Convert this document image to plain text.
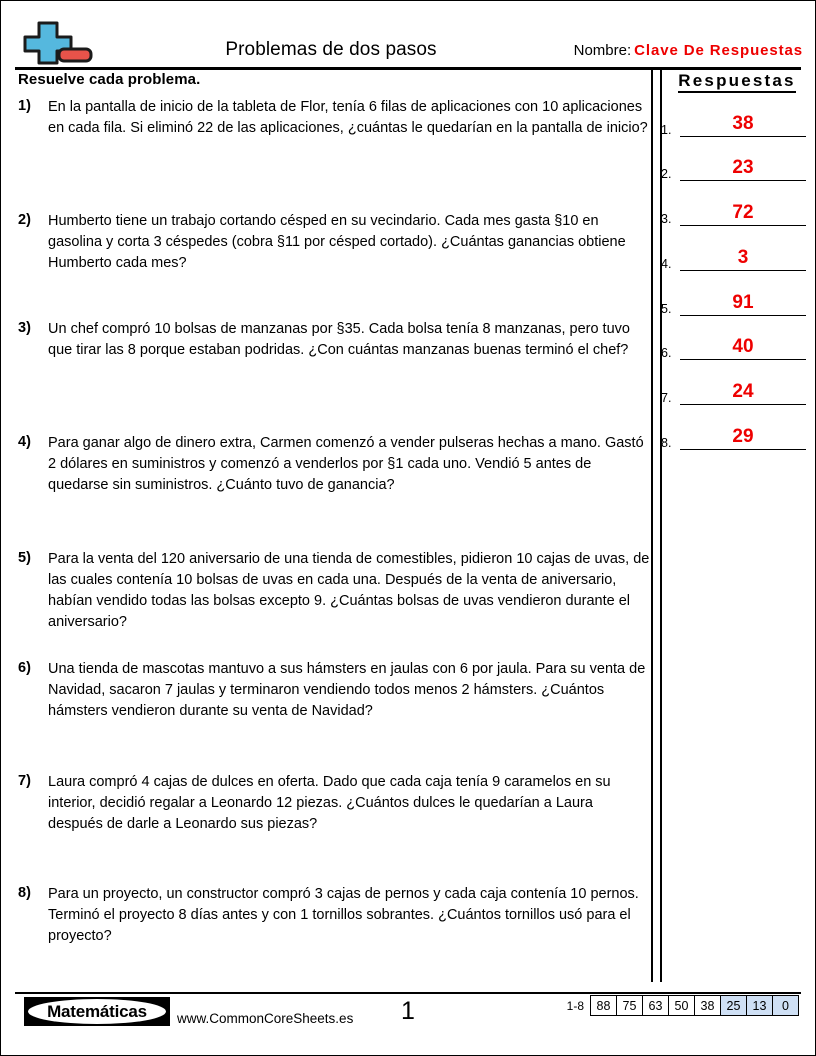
Problemas de dos pasos	Nombre: Clave De Respuestas
Resuelve cada problema.
1)	En la pantalla de inicio de la tableta de Flor, tenía 6 filas de aplicaciones con 10 aplicaciones en cada fila. Si eliminó 22 de las aplicaciones, ¿cuántas le quedarían en la pantalla de inicio?
2)	Humberto tiene un trabajo cortando césped en su vecindario. Cada mes gasta §10 en gasolina y corta 3 céspedes (cobra §11 por césped cortado). ¿Cuántas ganancias obtiene Humberto cada mes?
3)	Un chef compró 10 bolsas de manzanas por §35. Cada bolsa tenía 8 manzanas, pero tuvo que tirar las 8 porque estaban podridas. ¿Con cuántas manzanas buenas terminó el chef?
4)	Para ganar algo de dinero extra, Carmen comenzó a vender pulseras hechas a mano. Gastó 2 dólares en suministros y comenzó a venderlos por §1 cada uno. Vendió 5 antes de quedarse sin suministros. ¿Cuánto tuvo de ganancia?
5)	Para la venta del 120 aniversario de una tienda de comestibles, pidieron 10 cajas de uvas, de las cuales contenía 10 bolsas de uvas en cada una. Después de la venta de aniversario, habían vendido todas las bolsas excepto 9. ¿Cuántas bolsas de uvas vendieron durante el aniversario?
6)	Una tienda de mascotas mantuvo a sus hámsters en jaulas con 6 por jaula. Para su venta de Navidad, sacaron 7 jaulas y terminaron vendiendo todos menos 2 hámsters. ¿Cuántos hámsters vendieron durante su venta de Navidad?
7)	Laura compró 4 cajas de dulces en oferta. Dado que cada caja tenía 9 caramelos en su interior, decidió regalar a Leonardo 12 piezas. ¿Cuántos dulces le quedarían a Laura después de darle a Leonardo sus piezas?
8)	Para un proyecto, un constructor compró 3 cajas de pernos y cada caja contenía 10 pernos. Terminó el proyecto 8 días antes y con 1 tornillos sobrantes. ¿Cuántos tornillos usó para el proyecto?
Respuestas
1.	38
2.	23
3.	72
4.	3
5.	91
6.	40
7.	24
8.	29
Matemáticas	www.CommonCoreSheets.es	1	1-8	88 75 63 50 38 25 13	0
